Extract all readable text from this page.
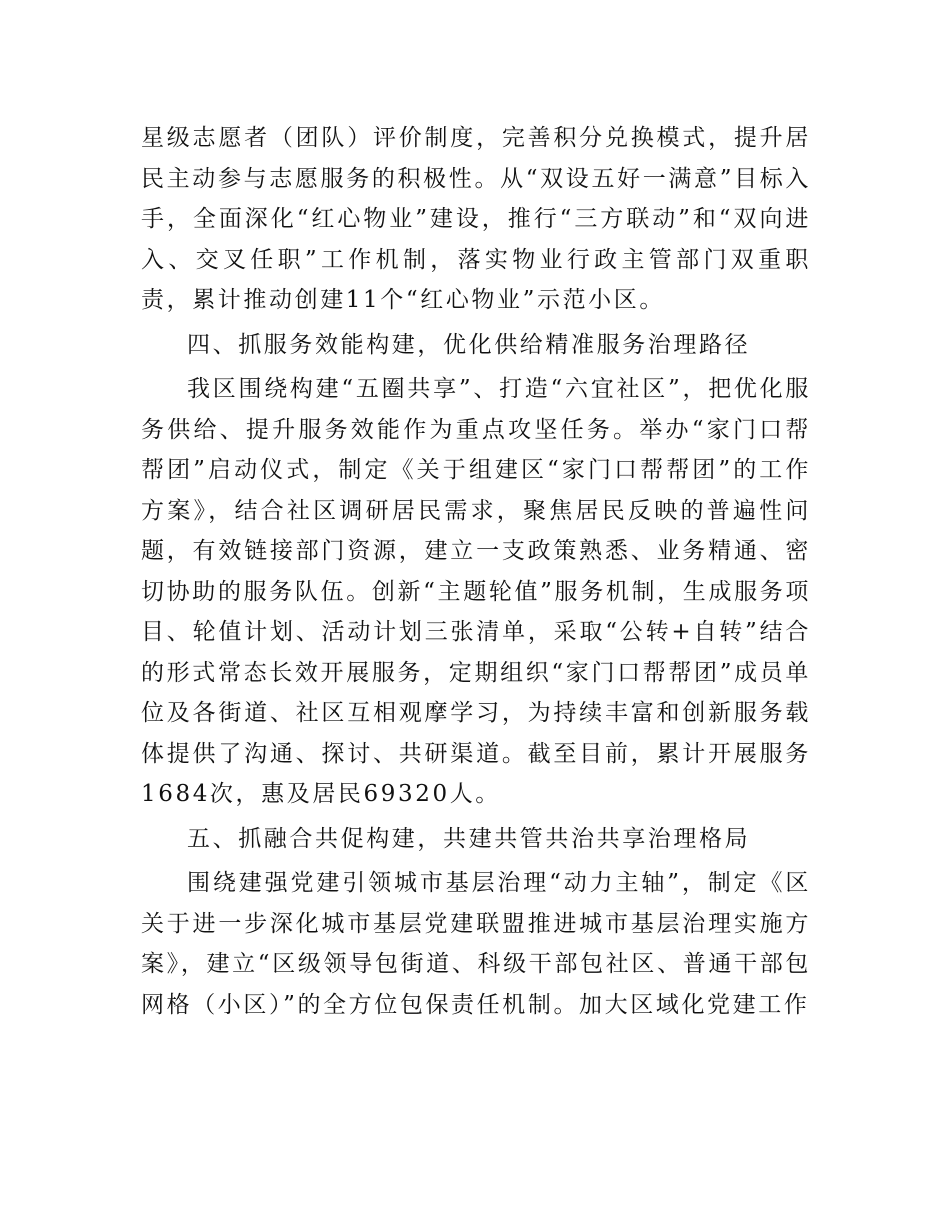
星级志愿者（团队）评价制度，完善积分兑换模式，提升居民主动参与志愿服务的积极性。从“双设五好一满意”目标入手，全面深化“红心物业”建设，推行“三方联动”和“双向进入、交叉任职”工作机制，落实物业行政主管部门双重职责，累计推动创建11个“红心物业”示范小区。

四、抓服务效能构建，优化供给精准服务治理路径

我区围绕构建“五圈共享”、打造“六宜社区”，把优化服务供给、提升服务效能作为重点攻坚任务。举办“家门口帮帮团”启动仪式，制定《关于组建区“家门口帮帮团”的工作方案》，结合社区调研居民需求，聚焦居民反映的普遍性问题，有效链接部门资源，建立一支政策熟悉、业务精通、密切协助的服务队伍。创新“主题轮值”服务机制，生成服务项目、轮值计划、活动计划三张清单，采取“公转+自转”结合的形式常态长效开展服务，定期组织“家门口帮帮团”成员单位及各街道、社区互相观摩学习，为持续丰富和创新服务载体提供了沟通、探讨、共研渠道。截至目前，累计开展服务1684次，惠及居民69320人。

五、抓融合共促构建，共建共管共治共享治理格局

围绕建强党建引领城市基层治理“动力主轴”，制定《区关于进一步深化城市基层党建联盟推进城市基层治理实施方案》，建立“区级领导包街道、科级干部包社区、普通干部包网格（小区）”的全方位包保责任机制。加大区域化党建工作
